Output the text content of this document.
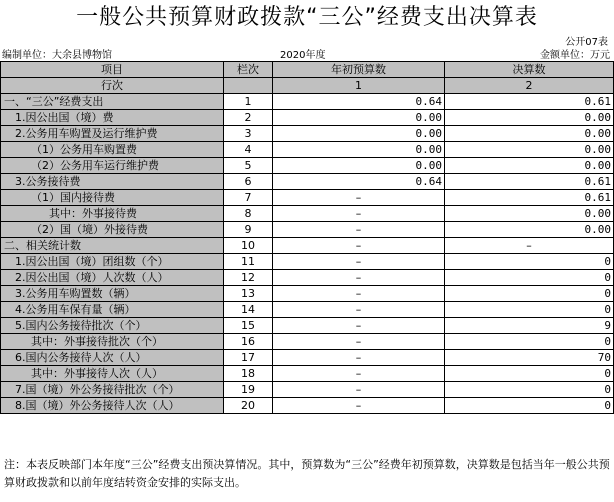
一般公共预算财政拨款“三公”经费支出决算表
公开07表
编制单位：大余县博物馆	2020年度	金额单位：万元
项目	栏次	年初预算数	决算数
行次		1	2
一、“三公”经费支出	1	0.64	0.61
1.因公出国（境）费	2	0.00	0.00
2.公务用车购置及运行维护费	3	0.00	0.00
（1）公务用车购置费	4	0.00	0.00
（2）公务用车运行维护费	5	0.00	0.00
3.公务接待费	6	0.64	0.61
（1）国内接待费	7	–	0.61
其中：外事接待费	8	–	0.00
（2）国（境）外接待费	9	–	0.00
二、相关统计数	10	–	–
1.因公出国（境）团组数（个）	11	–	0
2.因公出国（境）人次数（人）	12	–	0
3.公务用车购置数（辆）	13	–	0
4.公务用车保有量（辆）	14	–	0
5.国内公务接待批次（个）	15	–	9
其中：外事接待批次（个）	16	–	0
6.国内公务接待人次（人）	17	–	70
其中：外事接待人次（人）	18	–	0
7.国（境）外公务接待批次（个）	19	–	0
8.国（境）外公务接待人次（人）	20	–	0
注：本表反映部门本年度“三公”经费支出预决算情况。其中，预算数为“三公”经费年初预算数，决算数是包括当年一般公共预算财政拨款和以前年度结转资金安排的实际支出。
